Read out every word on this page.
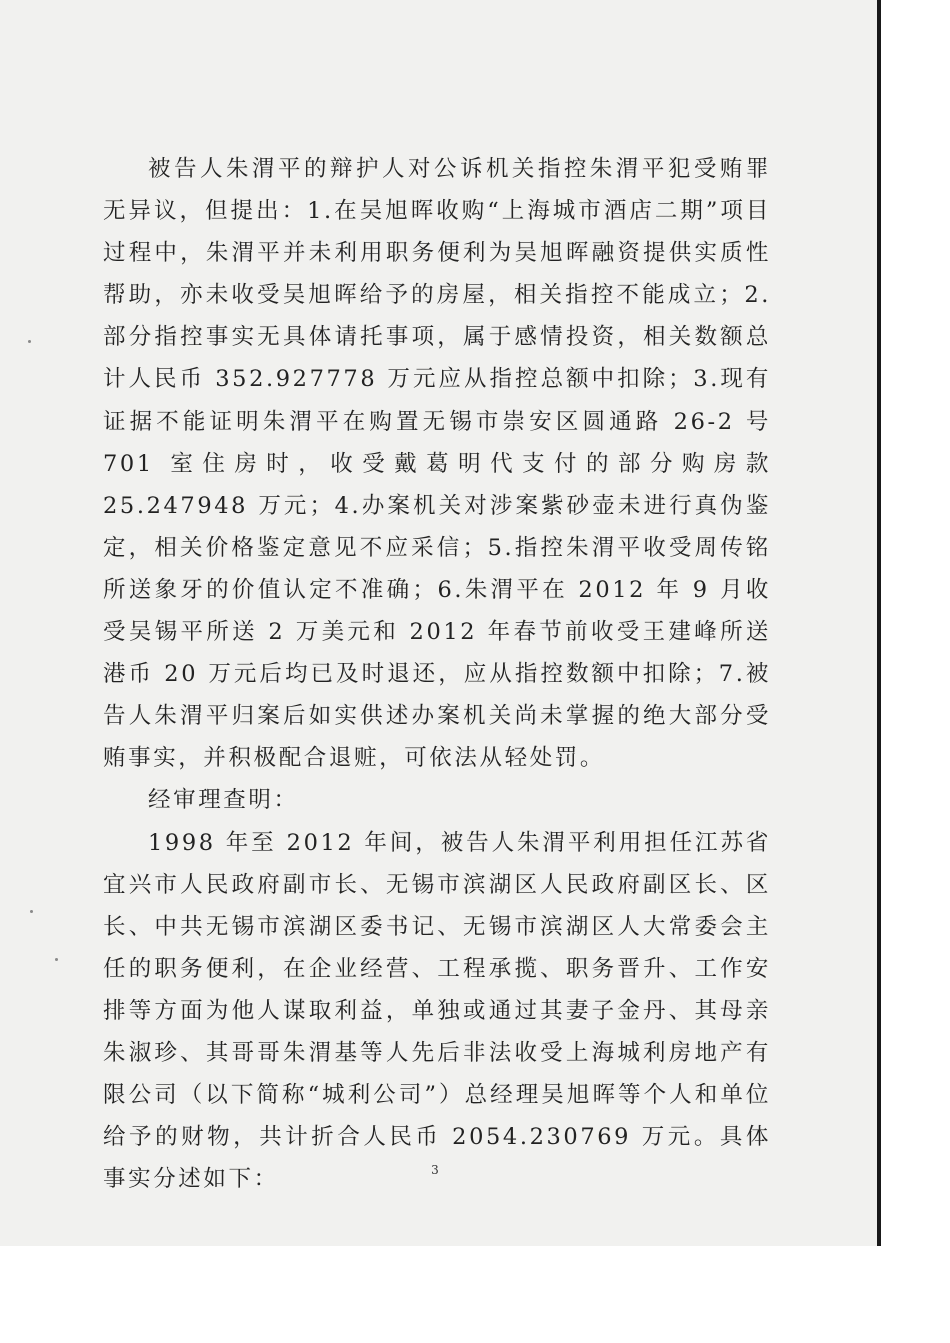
被告人朱渭平的辩护人对公诉机关指控朱渭平犯受贿罪无异议，但提出：1.在吴旭晖收购“上海城市酒店二期”项目过程中，朱渭平并未利用职务便利为吴旭晖融资提供实质性帮助，亦未收受吴旭晖给予的房屋，相关指控不能成立；2.部分指控事实无具体请托事项，属于感情投资，相关数额总计人民币 352.927778 万元应从指控总额中扣除；3.现有证据不能证明朱渭平在购置无锡市崇安区圆通路 26-2 号 701 室住房时，收受戴葛明代支付的部分购房款 25.247948 万元；4.办案机关对涉案紫砂壶未进行真伪鉴定，相关价格鉴定意见不应采信；5.指控朱渭平收受周传铭所送象牙的价值认定不准确；6.朱渭平在 2012 年 9 月收受吴锡平所送 2 万美元和 2012 年春节前收受王建峰所送港币 20 万元后均已及时退还，应从指控数额中扣除；7.被告人朱渭平归案后如实供述办案机关尚未掌握的绝大部分受贿事实，并积极配合退赃，可依法从轻处罚。

经审理查明：

1998 年至 2012 年间，被告人朱渭平利用担任江苏省宜兴市人民政府副市长、无锡市滨湖区人民政府副区长、区长、中共无锡市滨湖区委书记、无锡市滨湖区人大常委会主任的职务便利，在企业经营、工程承揽、职务晋升、工作安排等方面为他人谋取利益，单独或通过其妻子金丹、其母亲朱淑珍、其哥哥朱渭基等人先后非法收受上海城利房地产有限公司（以下简称“城利公司”）总经理吴旭晖等个人和单位给予的财物，共计折合人民币 2054.230769 万元。具体事实分述如下：	3
